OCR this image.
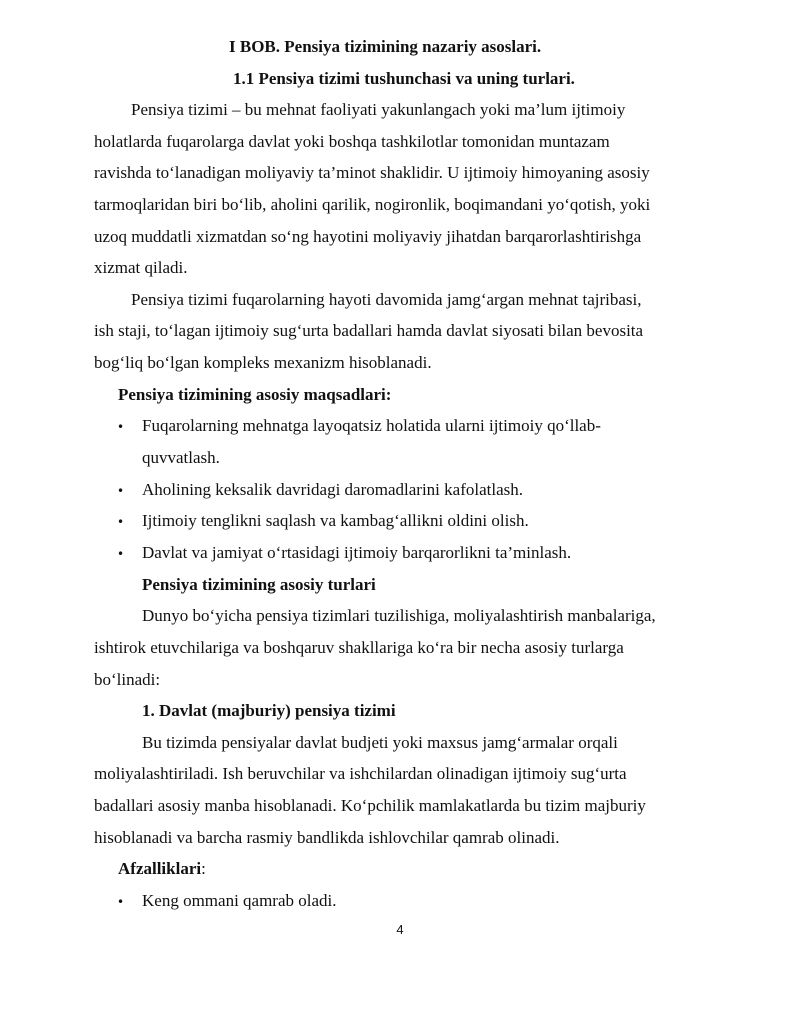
I BOB. Pensiya tizimining nazariy asoslari.
1.1 Pensiya tizimi tushunchasi va uning turlari.
Pensiya tizimi – bu mehnat faoliyati yakunlangach yoki ma’lum ijtimoiy
holatlarda fuqarolarga davlat yoki boshqa tashkilotlar tomonidan muntazam
ravishda to‘lanadigan moliyaviy ta’minot shaklidir. U ijtimoiy himoyaning asosiy
tarmoqlaridan biri bo‘lib, aholini qarilik, nogironlik, boqimandani yo‘qotish, yoki
uzoq muddatli xizmatdan so‘ng hayotini moliyaviy jihatdan barqarorlashtirishga
xizmat qiladi.
Pensiya tizimi fuqarolarning hayoti davomida jamg‘argan mehnat tajribasi,
ish staji, to‘lagan ijtimoiy sug‘urta badallari hamda davlat siyosati bilan bevosita
bog‘liq bo‘lgan kompleks mexanizm hisoblanadi.
Pensiya tizimining asosiy maqsadlari:
• Fuqarolarning mehnatga layoqatsiz holatida ularni ijtimoiy qo‘llab-
quvvatlash.
• Aholining keksalik davridagi daromadlarini kafolatlash.
• Ijtimoiy tenglikni saqlash va kambag‘allikni oldini olish.
• Davlat va jamiyat o‘rtasidagi ijtimoiy barqarorlikni ta’minlash.
Pensiya tizimining asosiy turlari
Dunyo bo‘yicha pensiya tizimlari tuzilishiga, moliyalashtirish manbalariga,
ishtirok etuvchilariga va boshqaruv shakllariga ko‘ra bir necha asosiy turlarga
bo‘linadi:
1. Davlat (majburiy) pensiya tizimi
Bu tizimda pensiyalar davlat budjeti yoki maxsus jamg‘armalar orqali
moliyalashtiriladi. Ish beruvchilar va ishchilardan olinadigan ijtimoiy sug‘urta
badallari asosiy manba hisoblanadi. Ko‘pchilik mamlakatlarda bu tizim majburiy
hisoblanadi va barcha rasmiy bandlikda ishlovchilar qamrab olinadi.
Afzalliklari:
• Keng ommani qamrab oladi.
4
